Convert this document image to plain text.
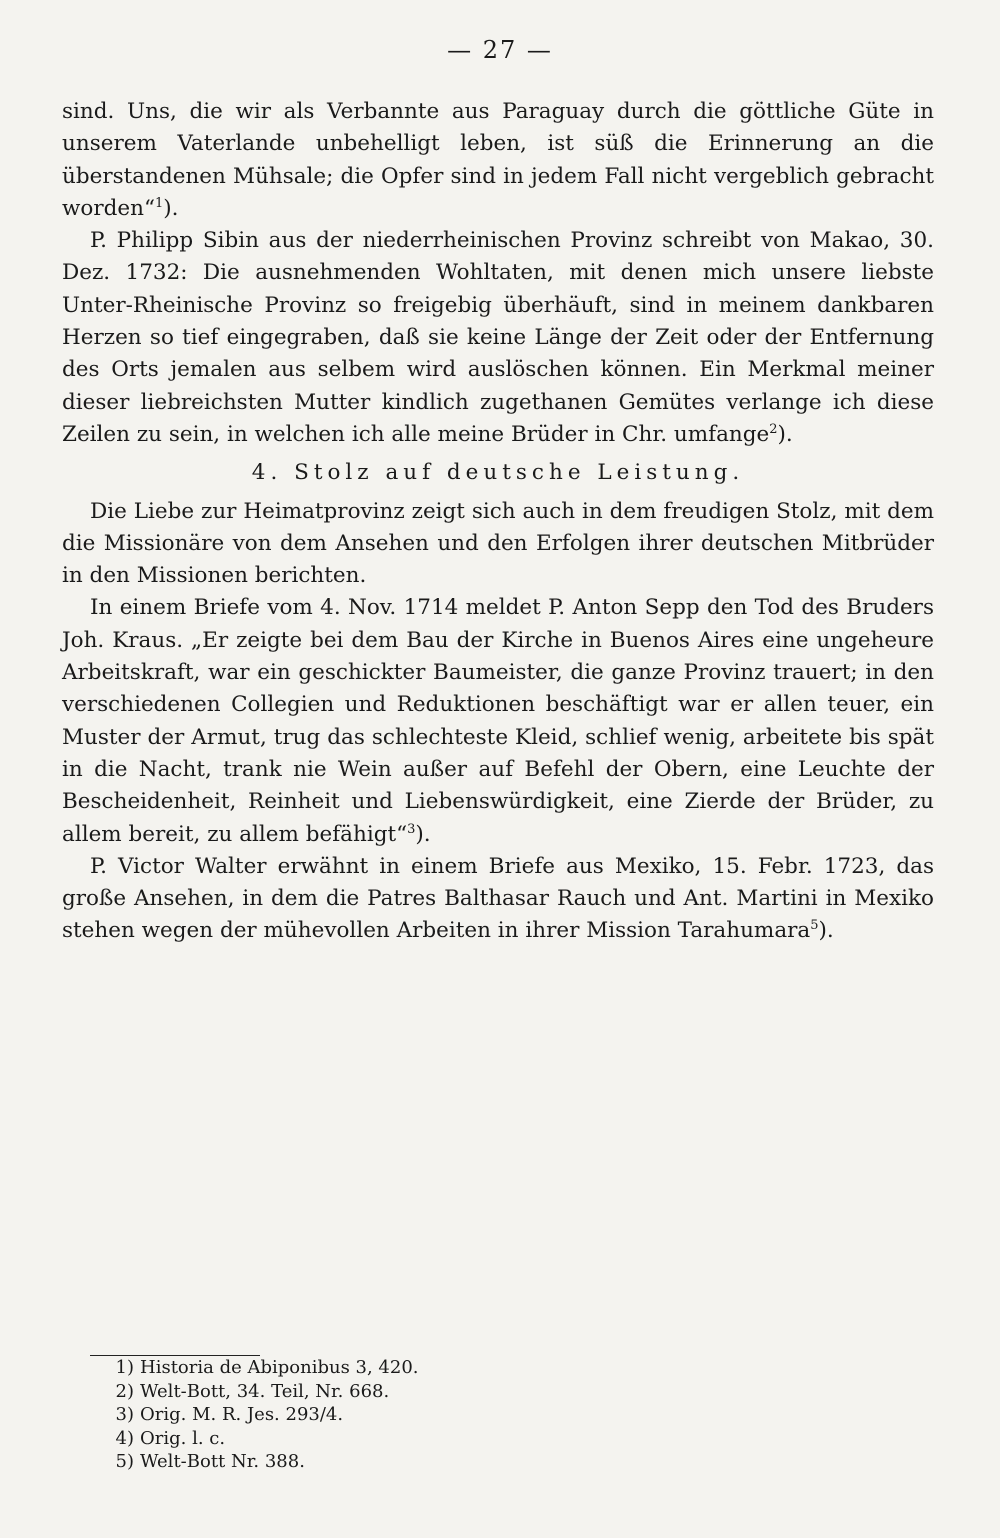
— 27 —

sind. Uns, die wir als Verbannte aus Paraguay durch die göttliche Güte in unserem Vaterlande unbehelligt leben, ist süß die Erinnerung an die überstandenen Mühsale; die Opfer sind in jedem Fall nicht vergeblich gebracht worden“$^1$).

P. Philipp Sibin aus der niederrheinischen Provinz schreibt von Makao, 30. Dez. 1732: Die ausnehmenden Wohltaten, mit denen mich unsere liebste Unter-Rheinische Provinz so freigebig überhäuft, sind in meinem dankbaren Herzen so tief eingegraben, daß sie keine Länge der Zeit oder der Entfernung des Orts jemalen aus selbem wird auslöschen können. Ein Merkmal meiner dieser liebreichsten Mutter kindlich zugethanen Gemütes verlange ich diese Zeilen zu sein, in welchen ich alle meine Brüder in Chr. umfange$^2$).

4. Stolz auf deutsche Leistung.

Die Liebe zur Heimatprovinz zeigt sich auch in dem freudigen Stolz, mit dem die Missionäre von dem Ansehen und den Erfolgen ihrer deutschen Mitbrüder in den Missionen berichten.

In einem Briefe vom 4. Nov. 1714 meldet P. Anton Sepp den Tod des Bruders Joh. Kraus. „Er zeigte bei dem Bau der Kirche in Buenos Aires eine ungeheure Arbeitskraft, war ein geschickter Baumeister, die ganze Provinz trauert; in den verschiedenen Collegien und Reduktionen beschäftigt war er allen teuer, ein Muster der Armut, trug das schlechteste Kleid, schlief wenig, arbeitete bis spät in die Nacht, trank nie Wein außer auf Befehl der Obern, eine Leuchte der Bescheidenheit, Reinheit und Liebenswürdigkeit, eine Zierde der Brüder, zu allem bereit, zu allem befähigt“$^3$).

P. Victor Walter erwähnt in einem Briefe aus Mexiko, 15. Febr. 1723, das große Ansehen, in dem die Patres Balthasar Rauch und Ant. Martini in Mexiko stehen wegen der mühevollen Arbeiten in ihrer Mission Tarahumara$^5$).

1) Historia de Abiponibus 3, 420.
2) Welt-Bott, 34. Teil, Nr. 668.
3) Orig. M. R. Jes. 293/4.
4) Orig. l. c.
5) Welt-Bott Nr. 388.
